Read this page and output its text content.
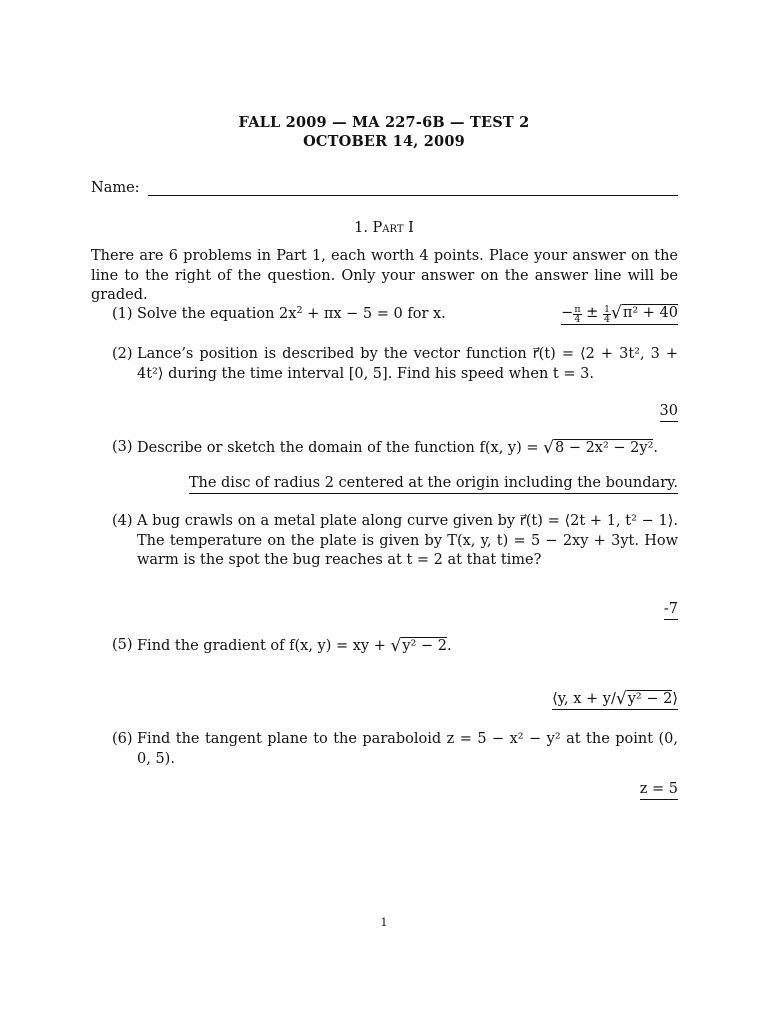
FALL 2009 — MA 227-6B — TEST 2
OCTOBER 14, 2009
Name:
1. Part I
There are 6 problems in Part 1, each worth 4 points. Place your answer on the line to the right of the question. Only your answer on the answer line will be graded.
(1) Solve the equation $2x^2 + \pi x - 5 = 0$ for x.	− $\frac{\pi}{4} \pm \frac{1}{4} √\pi^2 + 40$
(2) Lance’s position is described by the vector function r⃗(t) = ⟨2 + 3t², 3 + 4t²⟩ during the time interval [0, 5]. Find his speed when t = 3.
30
(3) Describe or sketch the domain of the function f(x, y) = √8 − 2x² − 2y².
The disc of radius 2 centered at the origin including the boundary.
(4) A bug crawls on a metal plate along curve given by r⃗(t) = ⟨2t + 1, t² − 1⟩. The temperature on the plate is given by T(x, y, t) = 5 − 2xy + 3yt. How warm is the spot the bug reaches at t = 2 at that time?
-7
(5) Find the gradient of f(x, y) = xy + √y² − 2.
⟨y, x + y/√y² − 2⟩
(6) Find the tangent plane to the paraboloid z = 5 − x² − y² at the point (0, 0, 5).
z = 5
1
